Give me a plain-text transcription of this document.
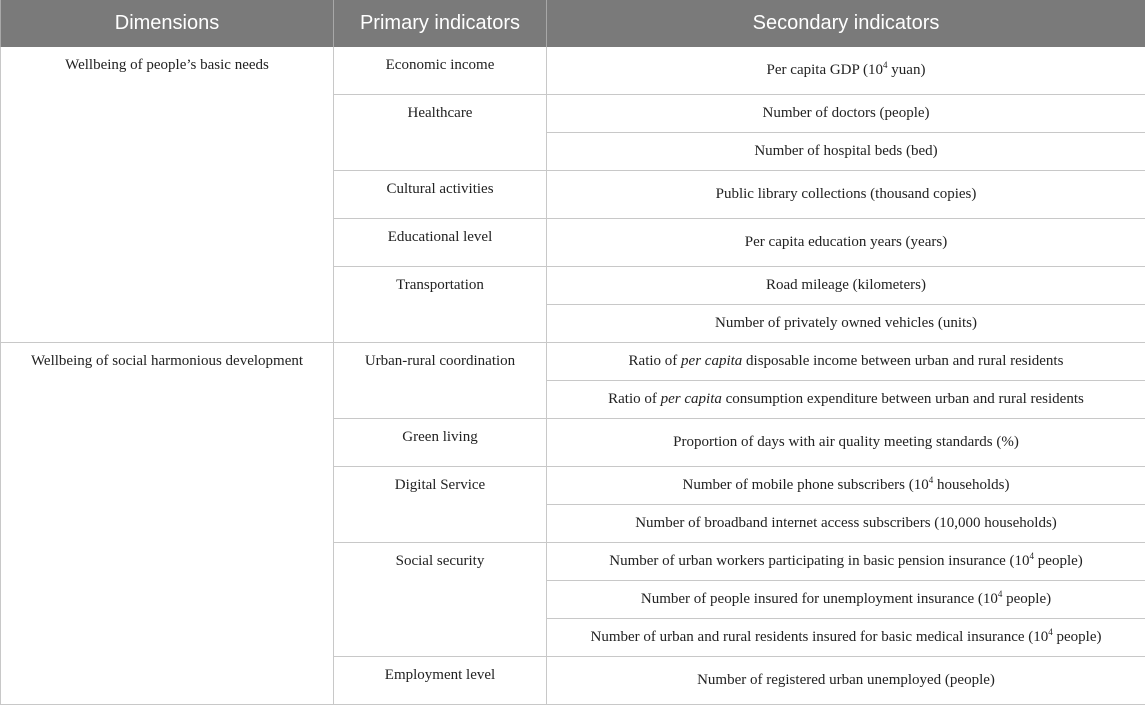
Dimensions	Primary indicators	Secondary indicators
Wellbeing of people’s basic needs	Economic income	Per capita GDP ($10^4$ yuan)
	Healthcare	Number of doctors (people)
		Number of hospital beds (bed)
	Cultural activities	Public library collections (thousand copies)
	Educational level	Per capita education years (years)
	Transportation	Road mileage (kilometers)
		Number of privately owned vehicles (units)
Wellbeing of social harmonious development	Urban-rural coordination	Ratio of per capita disposable income between urban and rural residents
		Ratio of per capita consumption expenditure between urban and rural residents
	Green living	Proportion of days with air quality meeting standards (%)
	Digital Service	Number of mobile phone subscribers ($10^4$ households)
		Number of broadband internet access subscribers (10,000 households)
	Social security	Number of urban workers participating in basic pension insurance ($10^4$ people)
		Number of people insured for unemployment insurance ($10^4$ people)
		Number of urban and rural residents insured for basic medical insurance ($10^4$ people)
	Employment level	Number of registered urban unemployed (people)
